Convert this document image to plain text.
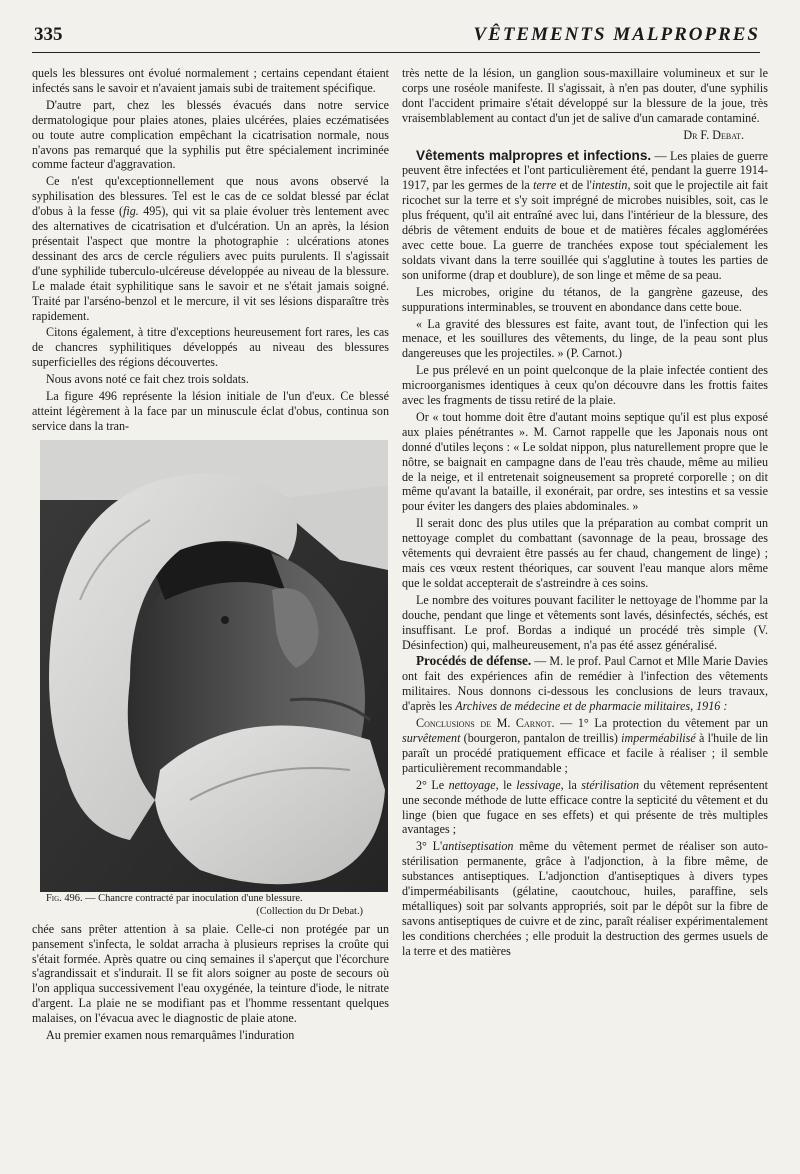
335	VÊTEMENTS MALPROPRES

quels les blessures ont évolué normalement ; certains cependant étaient infectés sans le savoir et n'avaient jamais subi de traitement spécifique.

D'autre part, chez les blessés évacués dans notre service dermatologique pour plaies atones, plaies ulcérées, plaies eczématisées ou toute autre complication empêchant la cicatrisation normale, nous n'avons pas remarqué que la syphilis put être spécialement incriminée comme facteur d'aggravation.

Ce n'est qu'exceptionnellement que nous avons observé la syphilisation des blessures. Tel est le cas de ce soldat blessé par éclat d'obus à la fesse (fig. 495), qui vit sa plaie évoluer très lentement avec des alternatives de cicatrisation et d'ulcération. Un an après, la lésion présentait l'aspect que montre la photographie : ulcérations atones dessinant des arcs de cercle réguliers avec puits purulents. Il s'agissait d'une syphilide tuberculo-ulcéreuse développée au niveau de la blessure. Le malade était syphilitique sans le savoir et ne s'était jamais soigné. Traité par l'arséno-benzol et le mercure, il vit ses lésions disparaître très rapidement.

Citons également, à titre d'exceptions heureusement fort rares, les cas de chancres syphilitiques développés au niveau des blessures superficielles des régions découvertes.

Nous avons noté ce fait chez trois soldats.

La figure 496 représente la lésion initiale de l'un d'eux. Ce blessé atteint légèrement à la face par un minuscule éclat d'obus, continua son service dans la tran-

Fig. 496. — Chancre contracté par inoculation d'une blessure.
(Collection du Dr Debat.)

chée sans prêter attention à sa plaie. Celle-ci non protégée par un pansement s'infecta, le soldat arracha à plusieurs reprises la croûte qui s'était formée. Après quatre ou cinq semaines il s'aperçut que l'écorchure s'agrandissait et s'indurait. Il se fit alors soigner au poste de secours où l'on appliqua successivement l'eau oxygénée, la teinture d'iode, le nitrate d'argent. La plaie ne se modifiant pas et l'homme ressentant quelques malaises, on l'évacua avec le diagnostic de plaie atone.

Au premier examen nous remarquâmes l'induration

très nette de la lésion, un ganglion sous-maxillaire volumineux et sur le corps une roséole manifeste. Il s'agissait, à n'en pas douter, d'une syphilis dont l'accident primaire s'était développé sur la blessure de la joue, très vraisemblablement au contact d'un jet de salive d'un camarade contaminé.

Dr F. Debat.

Vêtements malpropres et infections. — Les plaies de guerre peuvent être infectées et l'ont particulièrement été, pendant la guerre 1914-1917, par les germes de la terre et de l'intestin, soit que le projectile ait fait ricochet sur la terre et s'y soit imprégné de microbes nuisibles, soit, cas le plus fréquent, qu'il ait entraîné avec lui, dans l'intérieur de la blessure, des débris de vêtement enduits de boue et de matières fécales agglomérées avec cette boue. La guerre de tranchées expose tout spécialement les soldats vivant dans la terre souillée qui s'agglutine à toutes les parties de son uniforme (drap et doublure), de son linge et même de sa peau.

Les microbes, origine du tétanos, de la gangrène gazeuse, des suppurations interminables, se trouvent en abondance dans cette boue.

« La gravité des blessures est faite, avant tout, de l'infection qui les menace, et les souillures des vêtements, du linge, de la peau sont plus dangereuses que les projectiles. » (P. Carnot.)

Le pus prélevé en un point quelconque de la plaie infectée contient des microorganismes identiques à ceux qu'on découvre dans les frottis faites avec les fragments de tissu retiré de la plaie.

Or « tout homme doit être d'autant moins septique qu'il est plus exposé aux plaies pénétrantes ». M. Carnot rappelle que les Japonais nous ont donné d'utiles leçons : « Le soldat nippon, plus naturellement propre que le nôtre, se baignait en campagne dans de l'eau très chaude, même au milieu de la neige, et il entretenait soigneusement sa propreté corporelle ; on dit même qu'avant la bataille, il exonérait, par ordre, ses intestins et sa vessie pour éviter les dangers des plaies abdominales. »

Il serait donc des plus utiles que la préparation au combat comprit un nettoyage complet du combattant (savonnage de la peau, brossage des vêtements qui devraient être passés au fer chaud, changement de linge) ; mais ces vœux restent théoriques, car souvent l'eau manque alors même que le soldat accepterait de s'astreindre à ces soins.

Le nombre des voitures pouvant faciliter le nettoyage de l'homme par la douche, pendant que linge et vêtements sont lavés, désinfectés, séchés, est insuffisant. Le prof. Bordas a indiqué un procédé très simple (V. Désinfection) qui, malheureusement, n'a pas été assez généralisé.

Procédés de défense. — M. le prof. Paul Carnot et Mlle Marie Davies ont fait des expériences afin de remédier à l'infection des vêtements militaires. Nous donnons ci-dessous les conclusions de leurs travaux, d'après les Archives de médecine et de pharmacie militaires, 1916 :

Conclusions de M. Carnot. — 1° La protection du vêtement par un survêtement (bourgeron, pantalon de treillis) imperméabilisé à l'huile de lin paraît un procédé pratiquement efficace et facile à réaliser ; il semble particulièrement recommandable ;

2° Le nettoyage, le lessivage, la stérilisation du vêtement représentent une seconde méthode de lutte efficace contre la septicité du vêtement et du linge (bien que fugace en ses effets) et qui présente de très multiples avantages ;

3° L'antiseptisation même du vêtement permet de réaliser son auto-stérilisation permanente, grâce à l'adjonction, à la fibre même, de substances antiseptiques. L'adjonction d'antiseptiques à divers types d'imperméabilisants (gélatine, caoutchouc, huiles, paraffine, sels métalliques) soit par solvants appropriés, soit par le dépôt sur la fibre de savons antiseptiques de cuivre et de zinc, paraît réaliser expérimentalement les conditions cherchées ; elle produit la destruction des germes usuels de la terre et des matières
